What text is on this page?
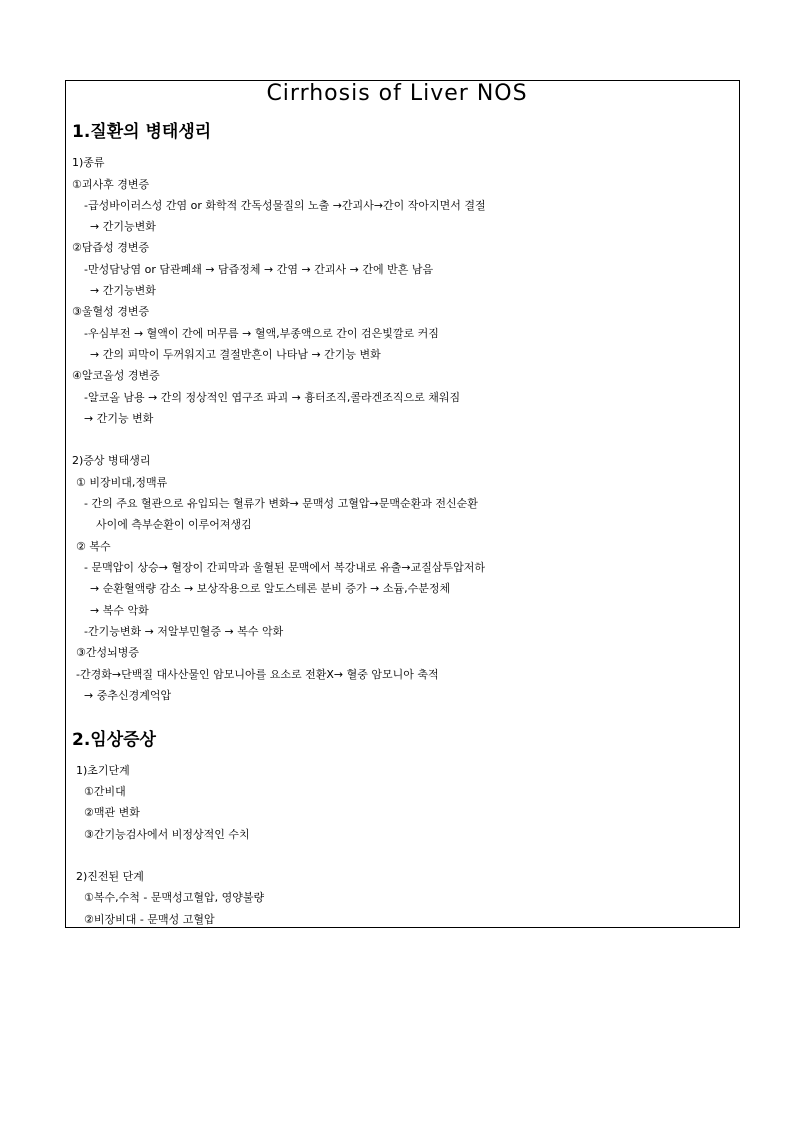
Cirrhosis of Liver NOS
1.질환의 병태생리
1)종류
①괴사후 경변증
-급성바이러스성 간염 or 화학적 간독성물질의 노출 →간괴사→간이 작아지면서 결절
→ 간기능변화
②담즙성 경변증
-만성담낭염 or 담관폐쇄 → 담즙정체 → 간염 → 간괴사 → 간에 반흔 남음
→ 간기능변화
③울혈성 경변증
-우심부전 → 혈액이 간에 머무름 → 혈액,부종액으로 간이 검은빛깔로 커짐
→ 간의 피막이 두꺼워지고 결절반흔이 나타남 → 간기능 변화
④알코올성 경변증
-알코올 남용 → 간의 정상적인 엽구조 파괴 → 흉터조직,콜라겐조직으로 채워짐
→ 간기능 변화
2)증상 병태생리
① 비장비대,정맥류
- 간의 주요 혈관으로 유입되는 혈류가 변화→ 문맥성 고혈압→문맥순환과 전신순환
사이에 측부순환이 이루어져생김
② 복수
- 문맥압이 상승→ 혈장이 간피막과 울혈된 문맥에서 복강내로 유출→교질삼투압저하
→ 순환혈액량 감소 → 보상작용으로 알도스테론 분비 증가 → 소듐,수분정체
→ 복수 악화
-간기능변화 → 저알부민혈증 → 복수 악화
③간성뇌병증
-간경화→단백질 대사산물인 암모니아를 요소로 전환X→ 혈중 암모니아 축적
→ 중추신경계억압
2.임상증상
1)초기단계
①간비대
②맥관 변화
③간기능검사에서 비정상적인 수치
2)진전된 단계
①복수,수척 - 문맥성고혈압, 영양불량
②비장비대 - 문맥성 고혈압
